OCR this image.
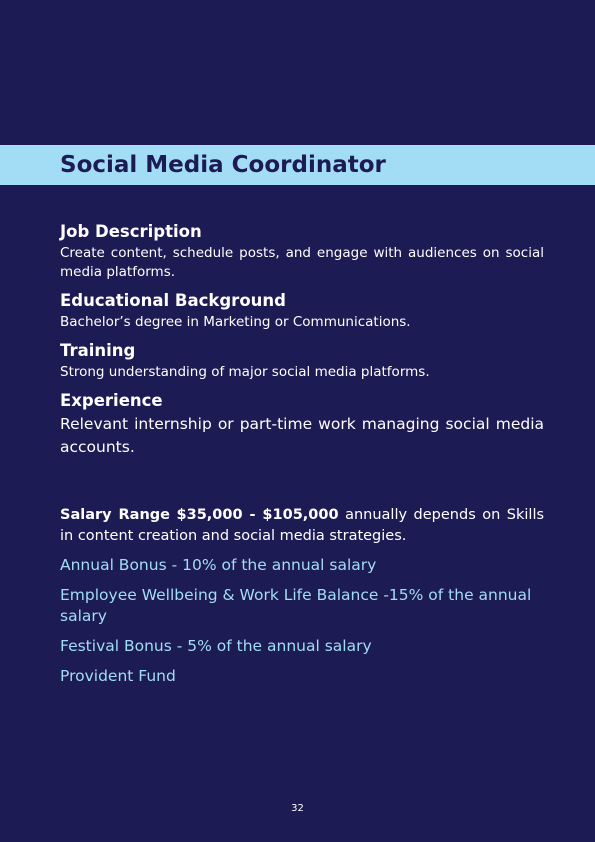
Social Media Coordinator
Job Description

Create content, schedule posts, and engage with audiences on social media platforms.

Educational Background

Bachelor’s degree in Marketing or Communications.

Training

Strong understanding of major social media platforms.

Experience

Relevant internship or part-time work managing social media accounts.

Salary Range $35,000 - $105,000 annually depends on Skills in content creation and social media strategies.

Annual Bonus - 10% of the annual salary
Employee Wellbeing & Work Life Balance -15% of the annual salary
Festival Bonus - 5% of the annual salary
Provident Fund
32
